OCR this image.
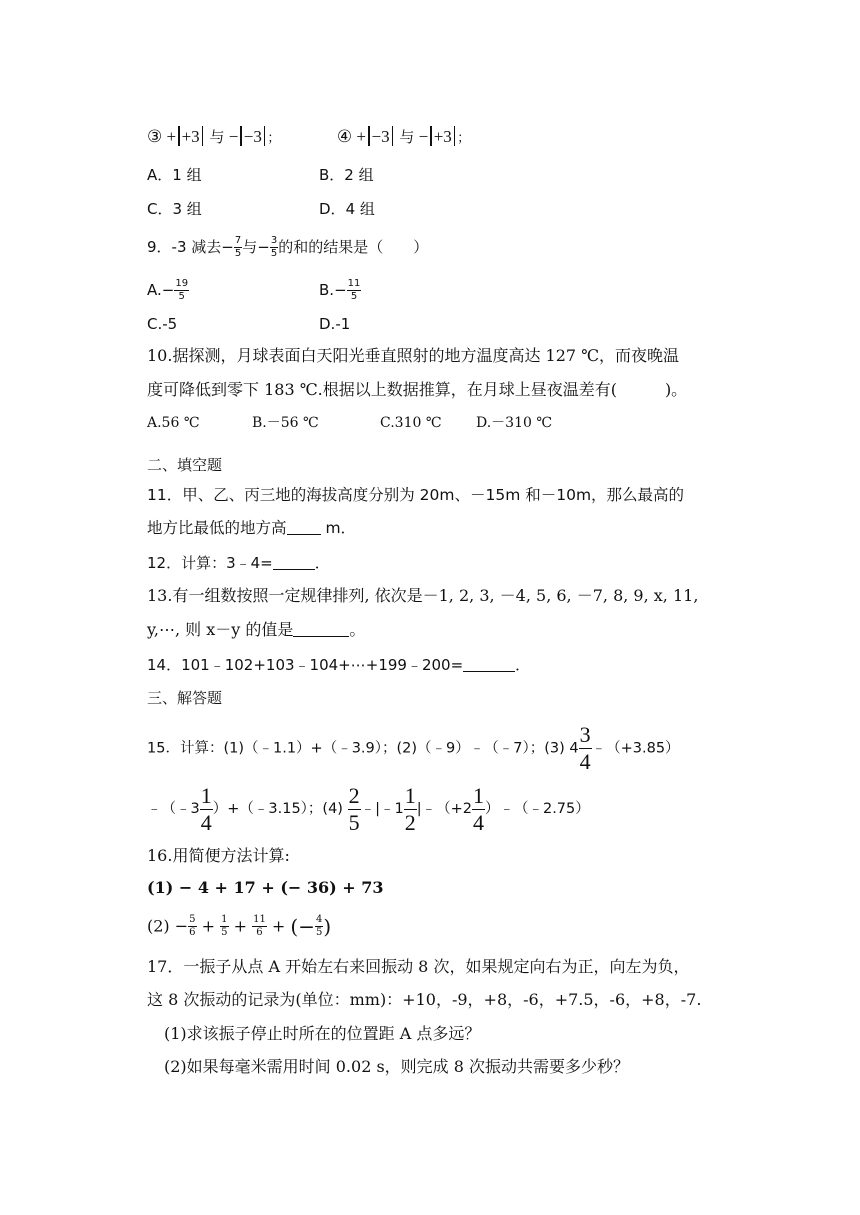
③ + +3 与 − −3 ；	④ + −3 与 − +3 ；
A．1 组	B．2 组
C．3 组	D．4 组
9．-3 减去− $\frac{7}{5}$ 与− $\frac{3}{5}$ 的和的结果是（　　）
$A.- \frac{19}{5}$	$B.- \frac{11}{5}$
C.-5	D.-1
10.据探测，月球表面白天阳光垂直照射的地方温度高达 127 ℃，而夜晚温
度可降低到零下 183 ℃.根据以上数据推算，在月球上昼夜温差有(　　　)。
A.56 ℃	B.－56 ℃	C.310 ℃ D.－310 ℃
二、填空题
11．甲、乙、丙三地的海拔高度分别为 20m、－15m 和－10m，那么最高的
地方比最低的地方高 m．
12．计算：3﹣4=	．
13.有一组数按照一定规律排列, 依次是－1, 2, 3, －4, 5, 6, －7, 8, 9, x, 11,
y,⋯, 则 x－y 的值是	。
14．101﹣102+103﹣104+⋯+199﹣200=	．
三、解答题
15．计算：(1)（﹣1.1）+（﹣3.9）；(2)（﹣9）﹣（﹣7）；(3) $4 \frac{3}{4}$ ﹣（+3.85）
﹣（﹣3 $\frac{1}{4}$ ）+（﹣3.15）；$(4) \frac{2}{5}$ ﹣|﹣1 $\frac{1}{2}$ |﹣（+2 $\frac{1}{4}$ ）﹣（﹣2.75）
16.用简便方法计算:
(1) − 4 + 17 + (− 36) + 73
$(2) - \frac{5}{6} + \frac{1}{5} + \frac{11}{6}$ + (− $\frac{4}{5}$ )
17．一振子从点 A 开始左右来回振动 8 次，如果规定向右为正，向左为负，
这 8 次振动的记录为(单位：mm)：+10，-9，+8，-6，+7.5，-6，+8，-7.
(1)求该振子停止时所在的位置距 A 点多远？
(2)如果每毫米需用时间 0.02 s，则完成 8 次振动共需要多少秒？
